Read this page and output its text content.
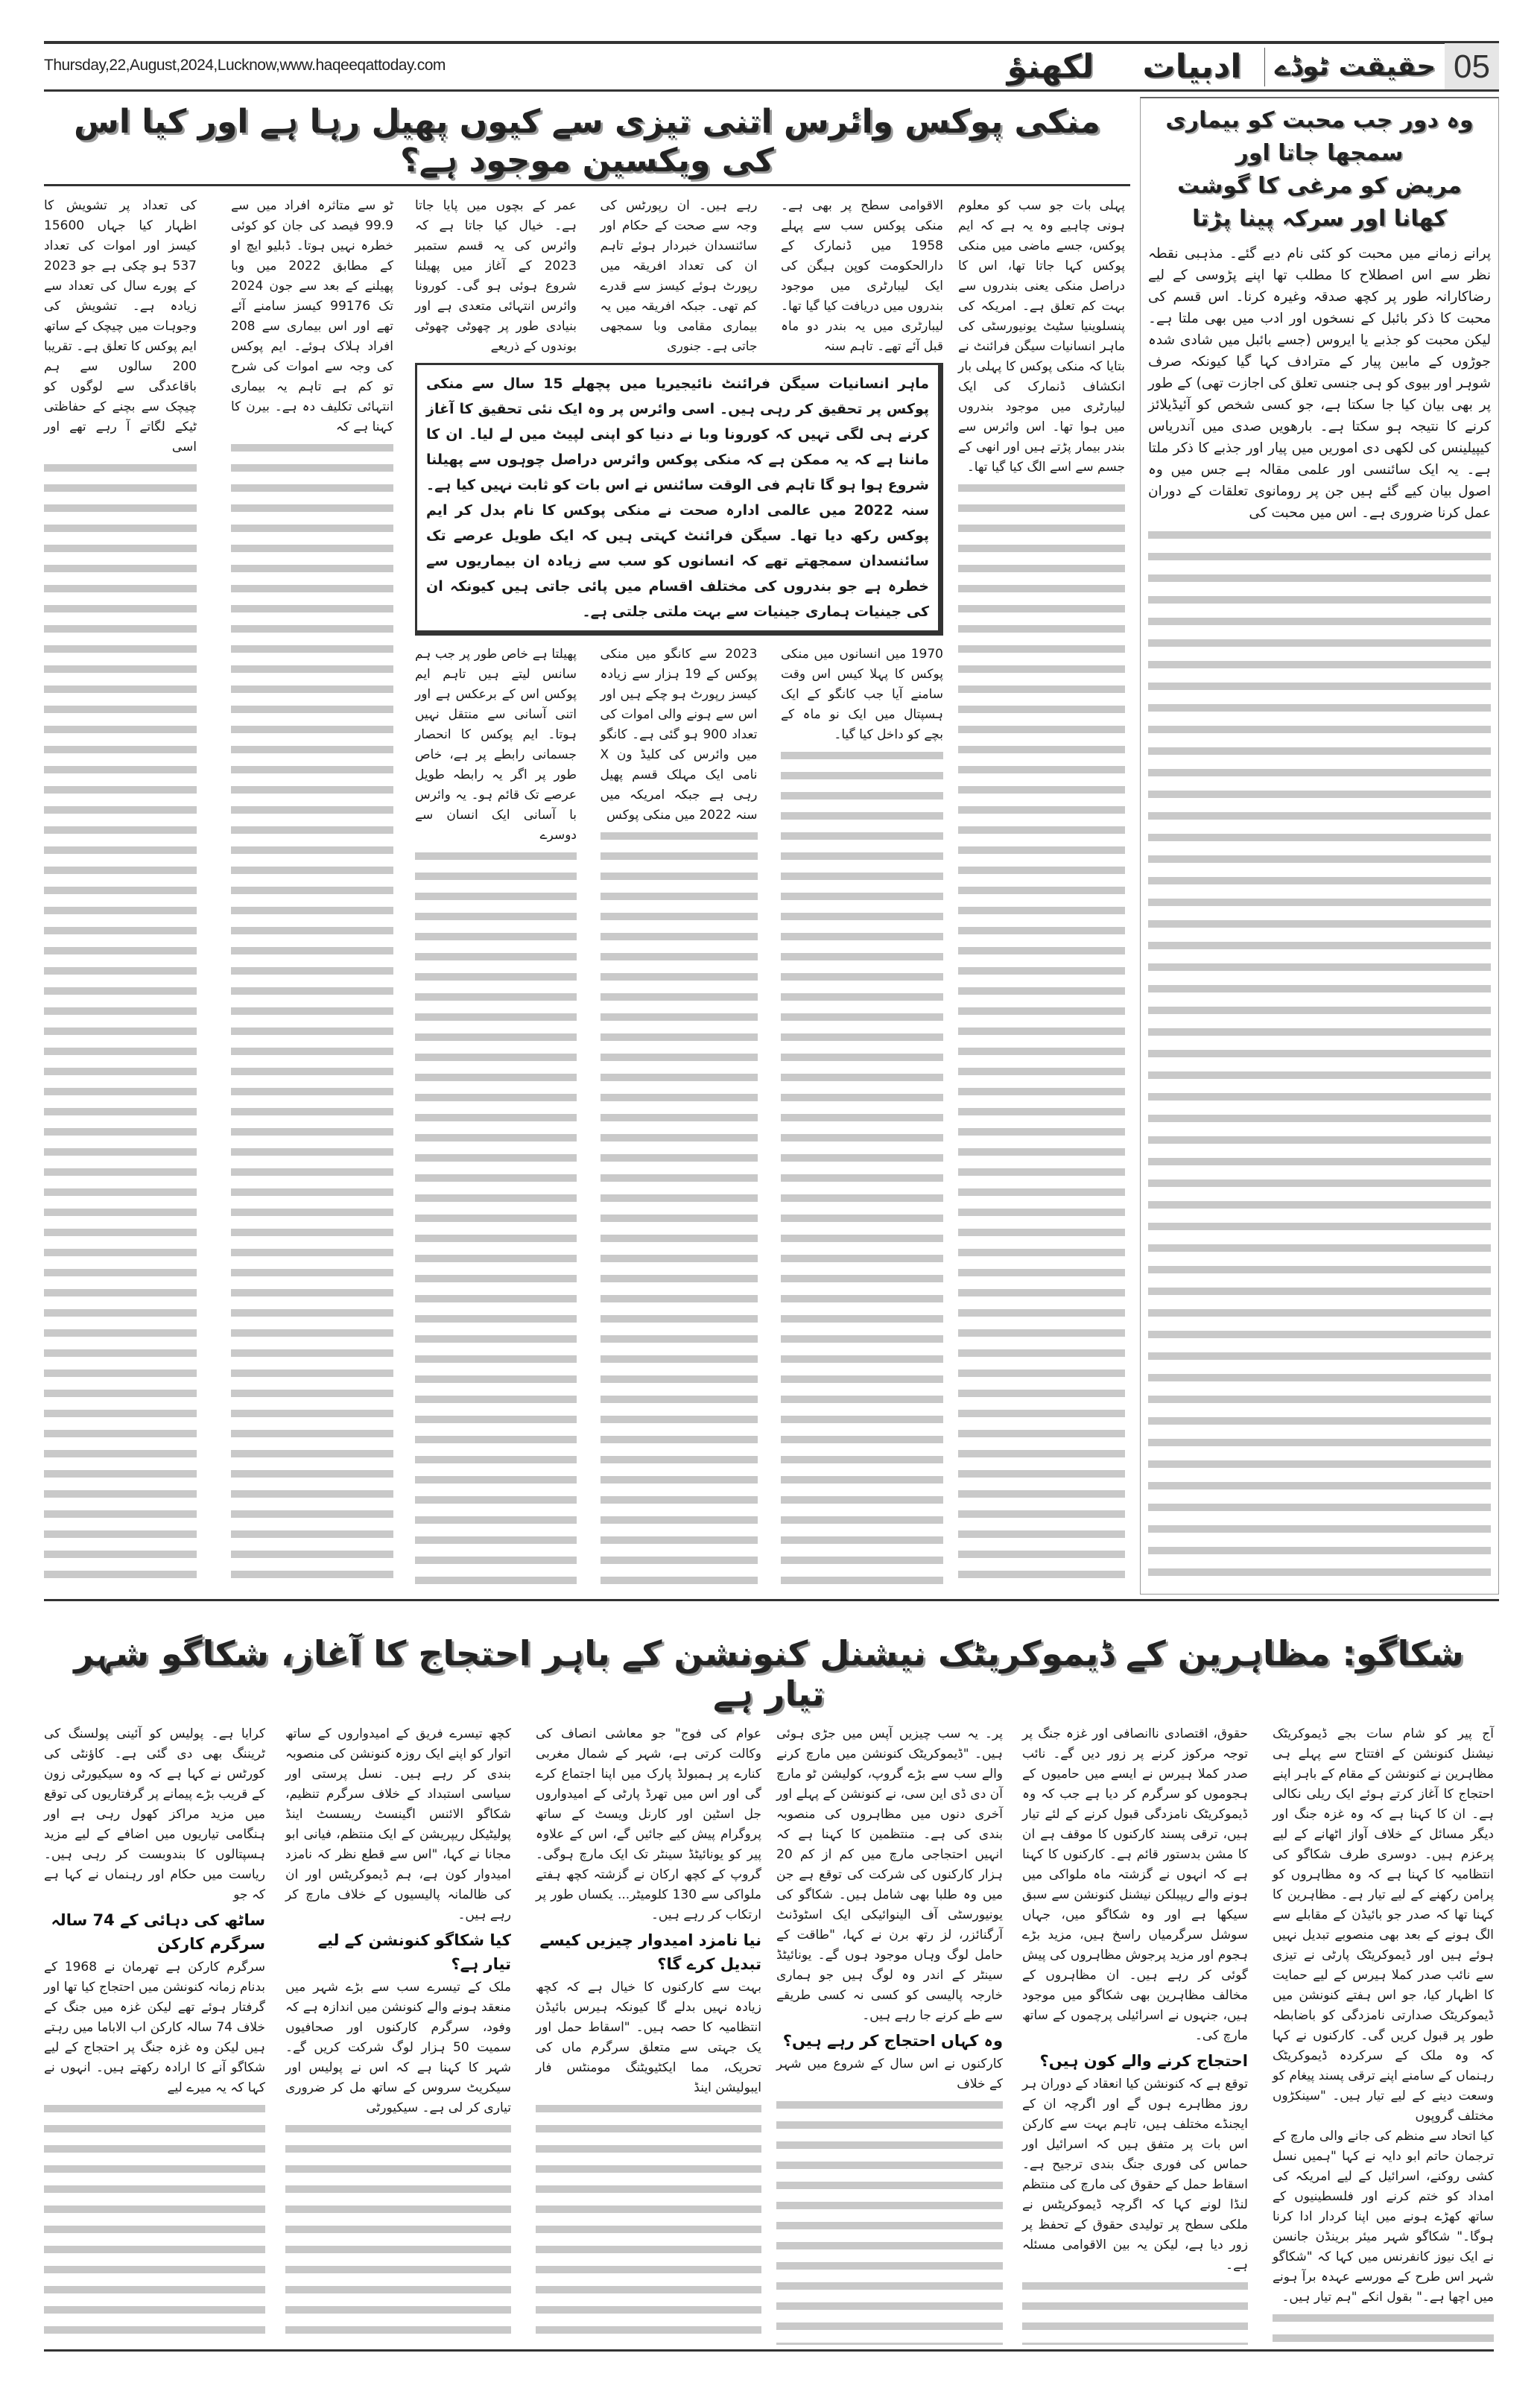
Thursday,22,August,2024,Lucknow,www.haqeeqattoday.com	لکھنؤ	ادبیات	حقیقت ٹوڈے 05
منکی پوکس وائرس اتنی تیزی سے کیوں پھیل رہا ہے اور کیا اس کی ویکسین موجود ہے؟

پہلی بات جو سب کو معلوم ہونی چاہیے وہ یہ ہے کہ ایم پوکس، جسے ماضی میں منکی پوکس کہا جاتا تھا، اس کا دراصل منکی یعنی بندروں سے بہت کم تعلق ہے۔ امریکہ کی پنسلوینیا سٹیٹ یونیورسٹی کی ماہر انسانیات سیگن فرائنٹ نے بتایا کہ منکی پوکس کا پہلی بار انکشاف ڈنمارک کی ایک لیبارٹری میں موجود بندروں میں ہوا تھا۔ اس وائرس سے بندر بیمار پڑتے ہیں اور انھی کے جسم سے اسے الگ کیا گیا تھا۔

الاقوامی سطح پر بھی ہے۔ منکی پوکس سب سے پہلے 1958 میں ڈنمارک کے دارالحکومت کوپن ہیگن کی ایک لیبارٹری میں موجود بندروں میں دریافت کیا گیا تھا۔ لیبارٹری میں یہ بندر دو ماہ قبل آئے تھے۔ تاہم سنہ

رہے ہیں۔ ان رپورٹس کی وجہ سے صحت کے حکام اور سائنسدان خبردار ہوئے تاہم ان کی تعداد افریقہ میں رپورٹ ہوئے کیسز سے قدرے کم تھی۔ جبکہ افریقہ میں یہ بیماری مقامی وبا سمجھی جاتی ہے۔ جنوری

عمر کے بچوں میں پایا جاتا ہے۔ خیال کیا جاتا ہے کہ وائرس کی یہ قسم ستمبر 2023 کے آغاز میں پھیلنا شروع ہوئی ہو گی۔ کورونا وائرس انتہائی متعدی ہے اور بنیادی طور پر چھوٹی چھوٹی بوندوں کے ذریعے

ماہر انسانیات سیگن فرائنٹ نائیجیریا میں پچھلے 15 سال سے منکی پوکس پر تحقیق کر رہی ہیں۔ اسی وائرس پر وہ ایک نئی تحقیق کا آغاز کرنے ہی لگی تہیں کہ کورونا وبا نے دنیا کو اپنی لپیٹ میں لے لیا۔ ان کا ماننا ہے کہ یہ ممکن ہے کہ منکی پوکس وائرس دراصل چوہوں سے پھیلنا شروع ہوا ہو گا تاہم فی الوقت سائنس نے اس بات کو ثابت نہیں کیا ہے۔ سنہ 2022 میں عالمی ادارہ صحت نے منکی پوکس کا نام بدل کر ایم پوکس رکھ دیا تھا۔ سیگن فرائنٹ کہتی ہیں کہ ایک طویل عرصے تک سائنسدان سمجھتے تھے کہ انسانوں کو سب سے زیادہ ان بیماریوں سے خطرہ ہے جو بندروں کی مختلف اقسام میں پائی جاتی ہیں کیونکہ ان کی جینیات ہماری جینیات سے بہت ملتی جلتی ہے۔

1970 میں انسانوں میں منکی پوکس کا پہلا کیس اس وقت سامنے آیا جب کانگو کے ایک ہسپتال میں ایک نو ماہ کے بچے کو داخل کیا گیا۔

2023 سے کانگو میں منکی پوکس کے 19 ہزار سے زیادہ کیسز رپورٹ ہو چکے ہیں اور اس سے ہونے والی اموات کی تعداد 900 ہو گئی ہے۔ کانگو میں وائرس کی کلیڈ ون X نامی ایک مہلک قسم پھیل رہی ہے جبکہ امریکہ میں سنہ 2022 میں منکی پوکس

پھیلتا ہے خاص طور پر جب ہم سانس لیتے ہیں تاہم ایم پوکس اس کے برعکس ہے اور اتنی آسانی سے منتقل نہیں ہوتا۔ ایم پوکس کا انحصار جسمانی رابطے پر ہے، خاص طور پر اگر یہ رابطہ طویل عرصے تک قائم ہو۔ یہ وائرس با آسانی ایک انسان سے دوسرے

ٹو سے متاثرہ افراد میں سے 99.9 فیصد کی جان کو کوئی خطرہ نہیں ہوتا۔ ڈبلیو ایچ او کے مطابق 2022 میں وبا پھیلنے کے بعد سے جون 2024 تک 99176 کیسز سامنے آئے تھے اور اس بیماری سے 208 افراد ہلاک ہوئے۔ ایم پوکس کی وجہ سے اموات کی شرح تو کم ہے تاہم یہ بیماری انتہائی تکلیف دہ ہے۔ بیرن کا کہنا ہے کہ

کی تعداد پر تشویش کا اظہار کیا جہاں 15600 کیسز اور اموات کی تعداد 537 ہو چکی ہے جو 2023 کے پورے سال کی تعداد سے زیادہ ہے۔ تشویش کی وجوہات میں چیچک کے ساتھ ایم پوکس کا تعلق ہے۔ تقریبا 200 سالوں سے ہم باقاعدگی سے لوگوں کو چیچک سے بچنے کے حفاظتی ٹیکے لگاتے آ رہے تھے اور اسی

وہ دور جب محبت کو بیماری سمجھا جاتا اور
مریض کو مرغی کا گوشت کھانا اور سرکہ پینا پڑتا

پرانے زمانے میں محبت کو کئی نام دیے گئے۔ مذہبی نقطہ نظر سے اس اصطلاح کا مطلب تھا اپنے پڑوسی کے لیے رضاکارانہ طور پر کچھ صدقہ وغیرہ کرنا۔ اس قسم کی محبت کا ذکر بائبل کے نسخوں اور ادب میں بھی ملتا ہے۔ لیکن محبت کو جذبے یا ایروس (جسے بائبل میں شادی شدہ جوڑوں کے مابین پیار کے مترادف کہا گیا کیونکہ صرف شوہر اور بیوی کو ہی جنسی تعلق کی اجازت تھی) کے طور پر بھی بیان کیا جا سکتا ہے، جو کسی شخص کو آئیڈیلائز کرنے کا نتیجہ ہو سکتا ہے۔ بارھویں صدی میں آندریاس کیپیلینس کی لکھی دی اموریں میں پیار اور جذبے کا ذکر ملتا ہے۔ یہ ایک سائنسی اور علمی مقالہ ہے جس میں وہ اصول بیان کیے گئے ہیں جن پر رومانوی تعلقات کے دوران عمل کرنا ضروری ہے۔ اس میں محبت کی

شکاگو: مظاہرین کے ڈیموکریٹک نیشنل کنونشن کے باہر احتجاج کا آغاز، شکاگو شہر تیار ہے

آج پیر کو شام سات بجے ڈیموکریٹک نیشنل کنونشن کے افتتاح سے پہلے ہی مظاہرین نے کنونشن کے مقام کے باہر اپنے احتجاج کا آغاز کرتے ہوئے ایک ریلی نکالی ہے۔ ان کا کہنا ہے کہ وہ غزہ جنگ اور دیگر مسائل کے خلاف آواز اٹھانے کے لیے پرعزم ہیں۔ دوسری طرف شکاگو کی انتظامیہ کا کہنا ہے کہ وہ مظاہروں کو پرامن رکھنے کے لیے تیار ہے۔ مظاہرین کا کہنا تھا کہ صدر جو بائیڈن کے مقابلے سے الگ ہونے کے بعد بھی منصوبے تبدیل نہیں ہوئے ہیں اور ڈیموکریٹک پارٹی نے تیزی سے نائب صدر کملا ہیرس کے لیے حمایت کا اظہار کیا، جو اس ہفتے کنونشن میں ڈیموکریٹک صدارتی نامزدگی کو باضابطہ طور پر قبول کریں گی۔ کارکنوں نے کہا کہ وہ ملک کے سرکردہ ڈیموکریٹک رہنماں کے سامنے اپنے ترقی پسند پیغام کو وسعت دینے کے لیے تیار ہیں۔ "سینکڑوں مختلف گروپوں

کیا اتحاد سے منظم کی جانے والی مارچ کے ترجمان حاتم ابو دایہ نے کہا "ہمیں نسل کشی روکنے، اسرائیل کے لیے امریکہ کی امداد کو ختم کرنے اور فلسطینیوں کے ساتھ کھڑے ہونے میں اپنا کردار ادا کرنا ہوگا۔" شکاگو شہر میئر برینڈن جانسن نے ایک نیوز کانفرنس میں کہا کہ "شکاگو شہر اس طرح کے مورسے عہدہ برآ ہونے میں اچھا ہے۔" بقول انکے "ہم تیار ہیں۔

حقوق، اقتصادی ناانصافی اور غزہ جنگ پر توجہ مرکوز کرنے پر زور دیں گے۔ نائب صدر کملا ہیرس نے ایسے میں حامیوں کے ہجوموں کو سرگرم کر دیا ہے جب کہ وہ ڈیموکریٹک نامزدگی قبول کرنے کے لئے تیار ہیں، ترقی پسند کارکنوں کا موقف ہے ان کا مشن بدستور قائم ہے۔ کارکنوں کا کہنا ہے کہ انہوں نے گزشتہ ماہ ملواکی میں ہونے والے ریپبلکن نیشنل کنونشن سے سبق سیکھا ہے اور وہ شکاگو میں، جہاں سوشل سرگرمیاں راسخ ہیں، مزید بڑے ہجوم اور مزید پرجوش مظاہروں کی پیش گوئی کر رہے ہیں۔ ان مظاہروں کے مخالف مظاہرین بھی شکاگو میں موجود ہیں، جنہوں نے اسرائیلی پرچموں کے ساتھ مارچ کی۔

احتجاج کرنے والے کون ہیں؟

توقع ہے کہ کنونشن کیا انعقاد کے دوران ہر روز مظاہرے ہوں گے اور اگرچہ ان کے ایجنڈے مختلف ہیں، تاہم بہت سے کارکن اس بات پر متفق ہیں کہ اسرائیل اور حماس کی فوری جنگ بندی ترجیح ہے۔ اسقاط حمل کے حقوق کی مارچ کی منتظم لنڈا لونے کہا کہ اگرچہ ڈیموکریٹس نے ملکی سطح پر تولیدی حقوق کے تحفظ پر زور دیا ہے، لیکن یہ بین الاقوامی مسئلہ ہے۔

پر۔ یہ سب چیزیں آپس میں جڑی ہوئی ہیں۔ "ڈیموکریٹک کنونشن میں مارچ کرنے والے سب سے بڑے گروپ، کولیشن ٹو مارچ آن دی ڈی این سی، نے کنونشن کے پہلے اور آخری دنوں میں مظاہروں کی منصوبہ بندی کی ہے۔ منتظمین کا کہنا ہے کہ انہیں احتجاجی مارچ میں کم از کم 20 ہزار کارکنوں کی شرکت کی توقع ہے جن میں وہ طلبا بھی شامل ہیں۔ شکاگو کی یونیورسٹی آف الینوائیکی ایک اسٹوڈنٹ آرگنائزر، لز رتھ برن نے کہا، "طاقت کے حامل لوگ وہاں موجود ہوں گے۔ یونائیٹڈ سینٹر کے اندر وہ لوگ ہیں جو ہماری خارجہ پالیسی کو کسی نہ کسی طریقے سے طے کرنے جا رہے ہیں۔

وہ کہاں احتجاج کر رہے ہیں؟

کارکنوں نے اس سال کے شروع میں شہر کے خلاف

عوام کی فوج" جو معاشی انصاف کی وکالت کرتی ہے، شہر کے شمال مغربی کنارے پر ہمبولڈ پارک میں اپنا اجتماع کرے گی اور اس میں تھرڈ پارٹی کے امیدواروں جل اسٹین اور کارنل ویسٹ کے ساتھ پروگرام پیش کیے جائیں گے، اس کے علاوہ پیر کو یونائیٹڈ سینٹر تک ایک مارچ ہوگی۔ گروپ کے کچھ ارکان نے گزشتہ کچھ ہفتے ملواکی سے 130 کلومیٹر... یکساں طور پر ارتکاب کر رہے ہیں۔

نیا نامزد امیدوار چیزیں کیسے تبدیل کرے گا؟

بہت سے کارکنوں کا خیال ہے کہ کچھ زیادہ نہیں بدلے گا کیونکہ ہیرس بائیڈن انتظامیہ کا حصہ ہیں۔ "اسقاط حمل اور یک جہتی سے متعلق سرگرم ماں کی تحریک، مما ایکٹیویٹنگ مومنٹس فار ایبولیشن اینڈ

کچھ تیسرے فریق کے امیدواروں کے ساتھ اتوار کو اپنے ایک روزہ کنونشن کی منصوبہ بندی کر رہے ہیں۔ نسل پرستی اور سیاسی استبداد کے خلاف سرگرم تنظیم، شکاگو الائنس اگینسٹ ریسسٹ اینڈ پولیٹیکل ریپریشن کے ایک منتظم، فیانی ابو مجانا نے کہا، "اس سے قطع نظر کہ نامزد امیدوار کون ہے، ہم ڈیموکریٹس اور ان کی ظالمانہ پالیسیوں کے خلاف مارچ کر رہے ہیں۔

کیا شکاگو کنونشن کے لیے تیار ہے؟

ملک کے تیسرے سب سے بڑے شہر میں منعقد ہونے والے کنونشن میں اندازہ ہے کہ وفود، سرگرم کارکنوں اور صحافیوں سمیت 50 ہزار لوگ شرکت کریں گے۔ شہر کا کہنا ہے کہ اس نے پولیس اور سیکریٹ سروس کے ساتھ مل کر ضروری تیاری کر لی ہے۔ سیکیورٹی

کرایا ہے۔ پولیس کو آئینی پولسنگ کی ٹریننگ بھی دی گئی ہے۔ کاؤنٹی کی کورٹس نے کہا ہے کہ وہ سیکیورٹی زون کے قریب بڑے پیمانے پر گرفتاریوں کی توقع میں مزید مراکز کھول رہی ہے اور ہنگامی تیاریوں میں اضافے کے لیے مزید ہسپتالوں کا بندوبست کر رہی ہیں۔ ریاست میں حکام اور رہنماں نے کہا ہے کہ جو

ساٹھ کی دہائی کے 74 سالہ سرگرم کارکن

سرگرم کارکن ہے تھرمان نے 1968 کے بدنام زمانہ کنونشن میں احتجاج کیا تھا اور گرفتار ہوئے تھے لیکن غزہ میں جنگ کے خلاف 74 سالہ کارکن اب الاباما میں رہتے ہیں لیکن وہ غزہ جنگ پر احتجاج کے لیے شکاگو آنے کا ارادہ رکھتے ہیں۔ انہوں نے کہا کہ یہ میرے لیے
